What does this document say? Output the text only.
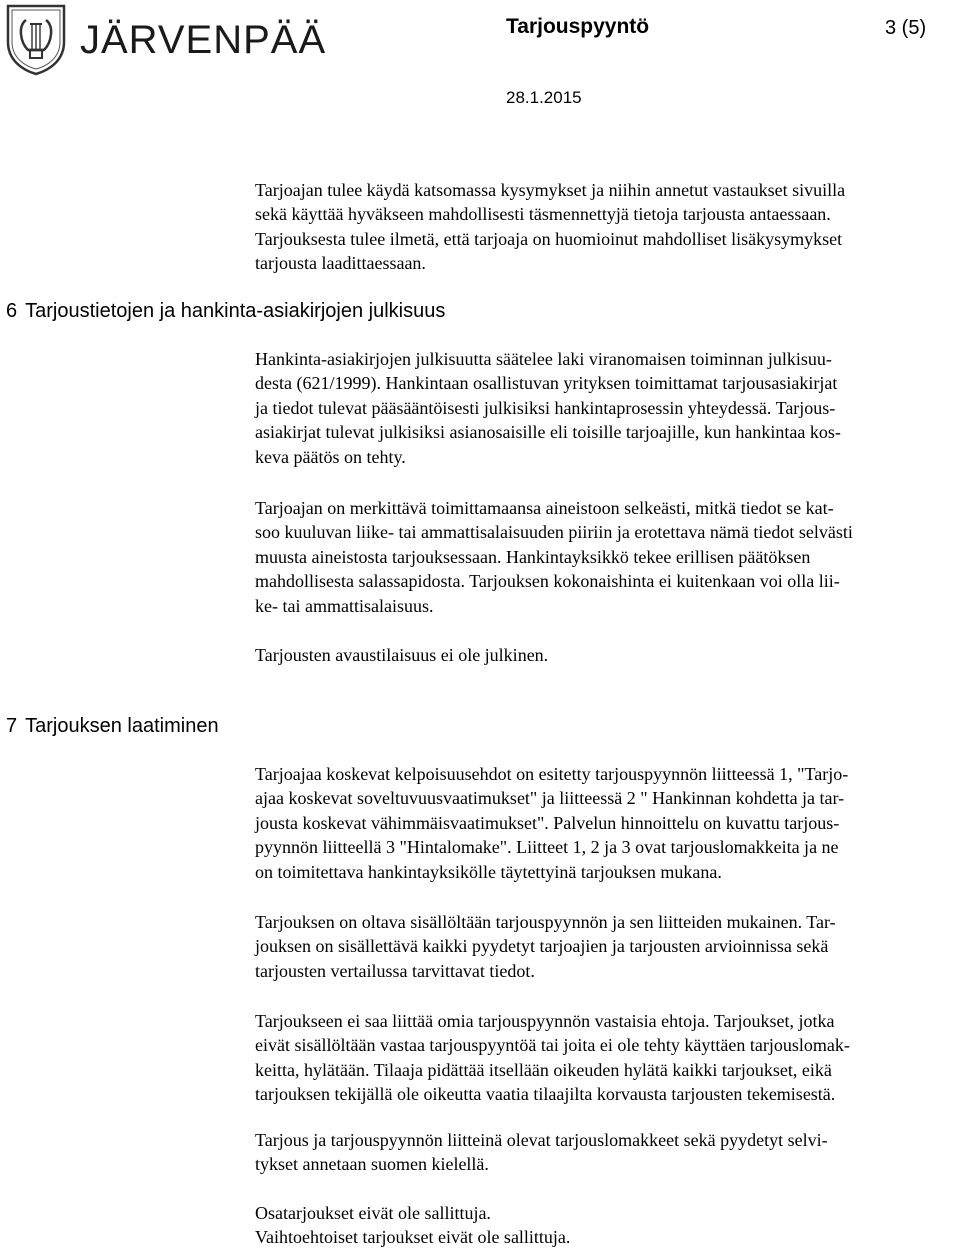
JÄRVENPÄÄ	Tarjouspyyntö	3 (5)
28.1.2015

Tarjoajan tulee käydä katsomassa kysymykset ja niihin annetut vastaukset sivuilla
sekä käyttää hyväkseen mahdollisesti täsmennettyjä tietoja tarjousta antaessaan.
Tarjouksesta tulee ilmetä, että tarjoaja on huomioinut mahdolliset lisäkysymykset
tarjousta laadittaessaan.

6 Tarjoustietojen ja hankinta-asiakirjojen julkisuus

Hankinta-asiakirjojen julkisuutta säätelee laki viranomaisen toiminnan julkisuu-
desta (621/1999). Hankintaan osallistuvan yrityksen toimittamat tarjousasiakirjat
ja tiedot tulevat pääsääntöisesti julkisiksi hankintaprosessin yhteydessä. Tarjous-
asiakirjat tulevat julkisiksi asianosaisille eli toisille tarjoajille, kun hankintaa kos-
keva päätös on tehty.

Tarjoajan on merkittävä toimittamaansa aineistoon selkeästi, mitkä tiedot se kat-
soo kuuluvan liike- tai ammattisalaisuuden piiriin ja erotettava nämä tiedot selvästi
muusta aineistosta tarjouksessaan. Hankintayksikkö tekee erillisen päätöksen
mahdollisesta salassapidosta. Tarjouksen kokonaishinta ei kuitenkaan voi olla lii-
ke- tai ammattisalaisuus.

Tarjousten avaustilaisuus ei ole julkinen.

7 Tarjouksen laatiminen

Tarjoajaa koskevat kelpoisuusehdot on esitetty tarjouspyynnön liitteessä 1, "Tarjo-
ajaa koskevat soveltuvuusvaatimukset" ja liitteessä 2 " Hankinnan kohdetta ja tar-
jousta koskevat vähimmäisvaatimukset". Palvelun hinnoittelu on kuvattu tarjous-
pyynnön liitteellä 3 "Hintalomake". Liitteet 1, 2 ja 3 ovat tarjouslomakkeita ja ne
on toimitettava hankintayksikölle täytettyinä tarjouksen mukana.

Tarjouksen on oltava sisällöltään tarjouspyynnön ja sen liitteiden mukainen. Tar-
jouksen on sisällettävä kaikki pyydetyt tarjoajien ja tarjousten arvioinnissa sekä
tarjousten vertailussa tarvittavat tiedot.

Tarjoukseen ei saa liittää omia tarjouspyynnön vastaisia ehtoja. Tarjoukset, jotka
eivät sisällöltään vastaa tarjouspyyntöä tai joita ei ole tehty käyttäen tarjouslomak-
keitta, hylätään. Tilaaja pidättää itsellään oikeuden hylätä kaikki tarjoukset, eikä
tarjouksen tekijällä ole oikeutta vaatia tilaajilta korvausta tarjousten tekemisestä.

Tarjous ja tarjouspyynnön liitteinä olevat tarjouslomakkeet sekä pyydetyt selvi-
tykset annetaan suomen kielellä.

Osatarjoukset eivät ole sallittuja.
Vaihtoehtoiset tarjoukset eivät ole sallittuja.
